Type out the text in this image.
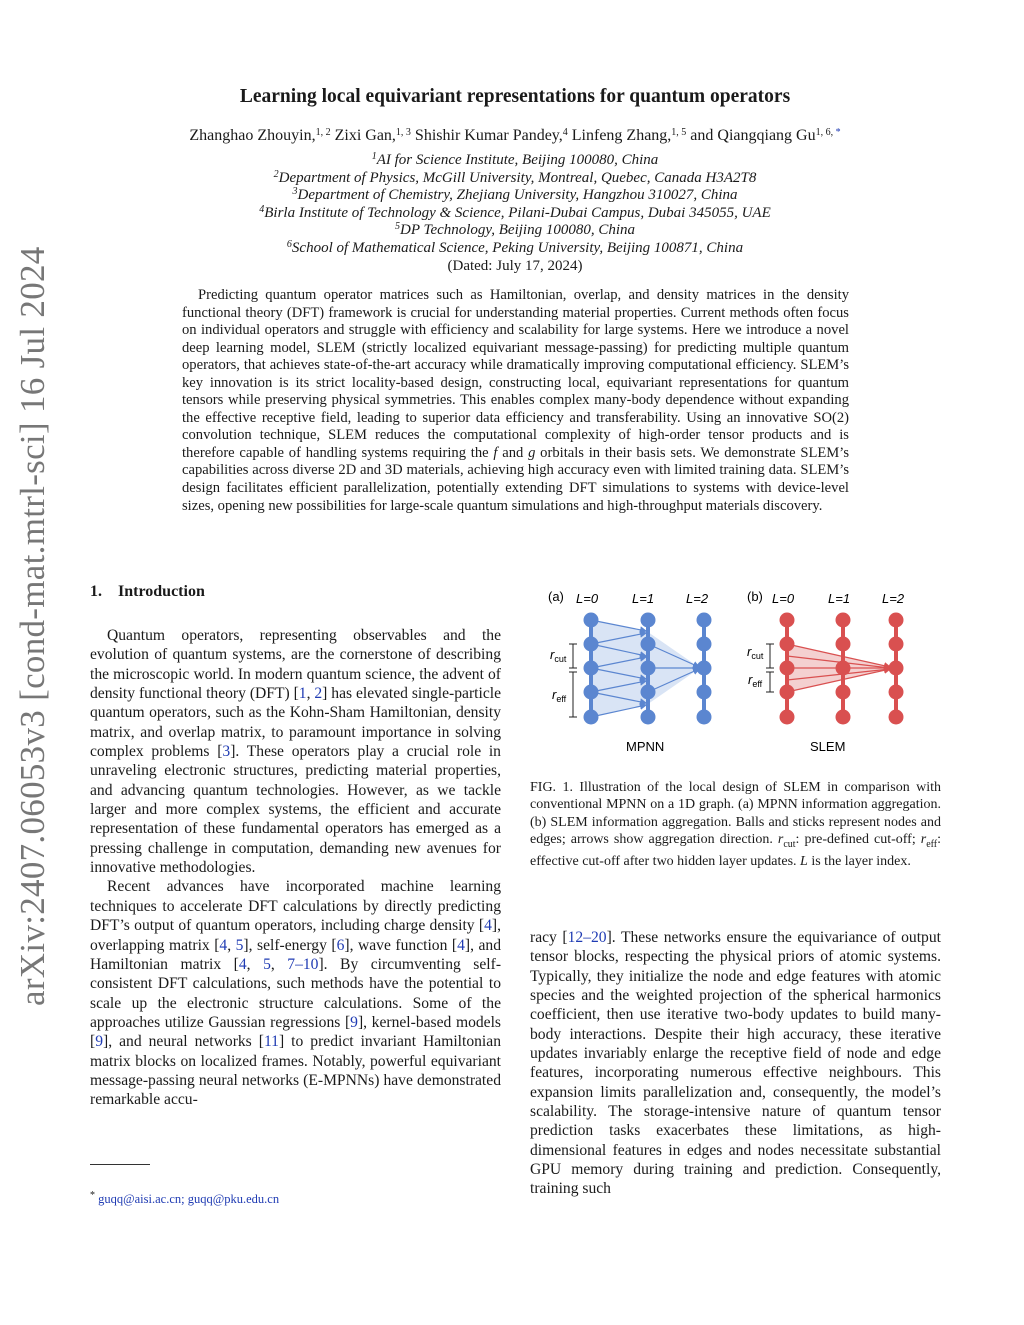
arXiv:2407.06053v3 [cond-mat.mtrl-sci] 16 Jul 2024
Learning local equivariant representations for quantum operators
Zhanghao Zhouyin,$^{1, 2}$ Zixi Gan,$^{1, 3}$ Shishir Kumar Pandey,$^4$ Linfeng Zhang,$^{1, 5}$ and Qiangqiang $Gu^{1, 6,}$ *
$^1$AI for Science Institute, Beijing 100080, China
$^2$Department of Physics, McGill University, Montreal, Quebec, Canada H3A2T8
$^3$Department of Chemistry, Zhejiang University, Hangzhou 310027, China
$^4$Birla Institute of Technology & Science, Pilani-Dubai Campus, Dubai 345055, UAE
$^5$DP Technology, Beijing 100080, China
$^6$School of Mathematical Science, Peking University, Beijing 100871, China
(Dated: July 17, 2024)

Predicting quantum operator matrices such as Hamiltonian, overlap, and density matrices in the density functional theory (DFT) framework is crucial for understanding material properties. Current methods often focus on individual operators and struggle with efficiency and scalability for large systems. Here we introduce a novel deep learning model, SLEM (strictly localized equivariant message-passing) for predicting multiple quantum operators, that achieves state-of-the-art accuracy while dramatically improving computational efficiency. SLEM’s key innovation is its strict locality-based design, constructing local, equivariant representations for quantum tensors while preserving physical symmetries. This enables complex many-body dependence without expanding the effective receptive field, leading to superior data efficiency and transferability. Using an innovative SO(2) convolution technique, SLEM reduces the computational complexity of high-order tensor products and is therefore capable of handling systems requiring the f and g orbitals in their basis sets. We demonstrate SLEM’s capabilities across diverse 2D and 3D materials, achieving high accuracy even with limited training data. SLEM’s design facilitates efficient parallelization, potentially extending DFT simulations to systems with device-level sizes, opening new possibilities for large-scale quantum simulations and high-throughput materials discovery.

1. Introduction

Quantum operators, representing observables and the evolution of quantum systems, are the cornerstone of describing the microscopic world. In modern quantum science, the advent of density functional theory (DFT) [1, 2] has elevated single-particle quantum operators, such as the Kohn-Sham Hamiltonian, density matrix, and overlap matrix, to paramount importance in solving complex problems [3]. These operators play a crucial role in unraveling electronic structures, predicting material properties, and advancing quantum technologies. However, as we tackle larger and more complex systems, the efficient and accurate representation of these fundamental operators has emerged as a pressing challenge in computation, demanding new avenues for innovative methodologies.

Recent advances have incorporated machine learning techniques to accelerate DFT calculations by directly predicting DFT’s output of quantum operators, including charge density [4], overlapping matrix [4, 5], self-energy [6], wave function [4], and Hamiltonian matrix [4, 5, 7–10]. By circumventing self-consistent DFT calculations, such methods have the potential to scale up the electronic structure calculations. Some of the approaches utilize Gaussian regressions [9], kernel-based models [9], and neural networks [11] to predict invariant Hamiltonian matrix blocks on localized frames. Notably, powerful equivariant message-passing neural networks (E-MPNNs) have demonstrated remarkable accu-

racy [12–20]. These networks ensure the equivariance of output tensor blocks, respecting the physical priors of atomic systems. Typically, they initialize the node and edge features with atomic species and the weighted projection of the spherical harmonics coefficient, then use iterative two-body updates to build many-body interactions. Despite their high accuracy, these iterative updates invariably enlarge the receptive field of node and edge features, incorporating numerous effective neighbours. This expansion limits parallelization and, consequently, the model’s scalability. The storage-intensive nature of quantum tensor prediction tasks exacerbates these limitations, as high-dimensional features in edges and nodes necessitate substantial GPU memory during training and prediction. Consequently, training such

(a) L=0	L=1 L=2
$r_{cut}$
$r_{eff}$
MPNN
(b) L=0	L=1 L=2
$r_{cut}$
$r_{eff}$
SLEM
FIG. 1. Illustration of the local design of SLEM in comparison with conventional MPNN on a 1D graph. (a) MPNN information aggregation. (b) SLEM information aggregation. Balls and sticks represent nodes and edges; arrows show aggregation direction. $r_{cut}$: pre-defined cut-off; $r_{eff}$: effective cut-off after two hidden layer updates. L is the layer index.
* guqq@aisi.ac.cn; guqq@pku.edu.cn
